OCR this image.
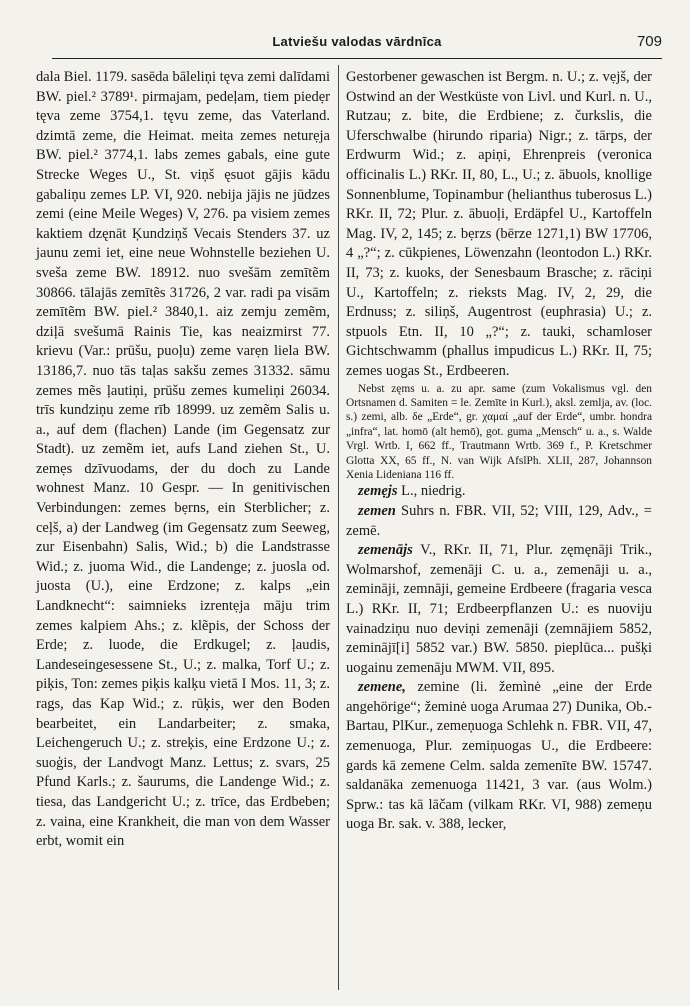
Latviešu valodas vārdnīca	709

dala Biel. 1179. sasēda bāleliņi tęva zemi dalīdami BW. piel.² 3789¹. pirmajam, pedeļam, tiem piedẹr tęva zeme 3754,1. tęvu zeme, das Vaterland. dzimtā zeme, die Heimat. meita zemes neturẹja BW. piel.² 3774,1. labs zemes gabals, eine gute Strecke Weges U., St. viņš ęsuot gājis kādu gabaliņu zemes LP. VI, 920. nebija jājis ne jūdzes zemi (eine Meile Weges) V, 276. pa visiem zemes kaktiem dzęnāt Ķundziņš Vecais Stenders 37. uz jaunu zemi iet, eine neue Wohnstelle beziehen U. sveša zeme BW. 18912. nuo svešām zemītẽm 30866. tālajās zemītẽs 31726, 2 var. radi pa visām zemītẽm BW. piel.² 3840,1. aiz zemju zemẽm, dziļā svešumā Rainis Tie, kas neaizmirst 77. krievu (Var.: prūšu, puoļu) zeme varẹn liela BW. 13186,7. nuo tās taļas sakšu zemes 31332. sāmu zemes mẽs ļautiņi, prūšu zemes kumeliņi 26034. trīs kundziņu zeme rīb 18999. uz zemẽm Salis u. a., auf dem (flachen) Lande (im Gegensatz zur Stadt). uz zemẽm iet, aufs Land ziehen St., U. zemẹs dzīvuodams, der du doch zu Lande wohnest Manz. 10 Gespr. — In genitivischen Verbindungen: zemes bẹrns, ein Sterblicher; z. ceļš, a) der Landweg (im Gegensatz zum Seeweg, zur Eisenbahn) Salis, Wid.; b) die Landstrasse Wid.; z. juoma Wid., die Landenge; z. juosla od. juosta (U.), eine Erdzone; z. kalps „ein Landknecht“: saimnieks izrentẹja māju trim zemes kalpiem Ahs.; z. klẽpis, der Schoss der Erde; z. luode, die Erdkugel; z. ļaudis, Landeseingesessene St., U.; z. malka, Torf U.; z. piķis, Ton: zemes piķis kalķu vietā I Mos. 11, 3; z. rags, das Kap Wid.; z. rūķis, wer den Boden bearbeitet, ein Landarbeiter; z. smaka, Leichengeruch U.; z. streķis, eine Erdzone U.; z. suoģis, der Landvogt Manz. Lettus; z. svars, 25 Pfund Karls.; z. šaurums, die Landenge Wid.; z. tiesa, das Landgericht U.; z. trīce, das Erdbeben; z. vaina, eine Krankheit, die man von dem Wasser erbt, womit ein

Gestorbener gewaschen ist Bergm. n. U.; z. vẹjš, der Ostwind an der Westküste von Livl. und Kurl. n. U., Rutzau; z. bite, die Erdbiene; z. čurkslis, die Uferschwalbe (hirundo riparia) Nigr.; z. tārps, der Erdwurm Wid.; z. apiņi, Ehrenpreis (veronica officinalis L.) RKr. II, 80, L., U.; z. ābuols, knollige Sonnenblume, Topinambur (helianthus tuberosus L.) RKr. II, 72; Plur. z. ābuoļi, Erdäpfel U., Kartoffeln Mag. IV, 2, 145; z. bẹrzs (bērze 1271,1) BW 17706, 4 „?“; z. cūkpienes, Löwenzahn (leontodon L.) RKr. II, 73; z. kuoks, der Senesbaum Brasche; z. rāciņi U., Kartoffeln; z. rieksts Mag. IV, 2, 29, die Erdnuss; z. siliņš, Augentrost (euphrasia) U.; z. stpuols Etn. II, 10 „?“; z. tauki, schamloser Gichtschwamm (phallus impudicus L.) RKr. II, 75; zemes uogas St., Erdbeeren.

Nebst zęms u. a. zu apr. same (zum Vokalismus vgl. den Ortsnamen d. Samiten = le. Zemīte in Kurl.), aksl. zemlja, av. (loc. s.) zemi, alb. δe „Erde“, gr. χαμαί „auf der Erde“, umbr. hondra „infra“, lat. homō (alt hemō), got. guma „Mensch“ u. a., s. Walde Vrgl. Wrtb. I, 662 ff., Trautmann Wrtb. 369 f., P. Kretschmer Glotta XX, 65 ff., N. van Wijk AfslPh. XLII, 287, Johannson Xenia Lideniana 116 ff.

zemẹjs L., niedrig.

zemen Suhrs n. FBR. VII, 52; VIII, 129, Adv., = zemē.

zemenājs V., RKr. II, 71, Plur. zęmęnāji Trik., Wolmarshof, zemenāji C. u. a., zemenāji u. a., zemināji, zemnāji, gemeine Erdbeere (fragaria vesca L.) RKr. II, 71; Erdbeerpflanzen U.: es nuoviju vainadziņu nuo deviņi zemenāji (zemnājiem 5852, zeminājī[i] 5852 var.) BW. 5850. pieplūca... pušķi uogainu zemenāju MWM. VII, 895.

zemene, zemine (li. žemìnė „eine der Erde angehörige“; žeminė uoga Arumaa 27) Dunika, Ob.-Bartau, PlKur., zemeņuoga Schlehk n. FBR. VII, 47, zemenuoga, Plur. zemiņuogas U., die Erdbeere: gards kā zemene Celm. salda zemenīte BW. 15747. saldanāka zemenuoga 11421, 3 var. (aus Wolm.) Sprw.: tas kā lāčam (vilkam RKr. VI, 988) zemeņu uoga Br. sak. v. 388, lecker,
